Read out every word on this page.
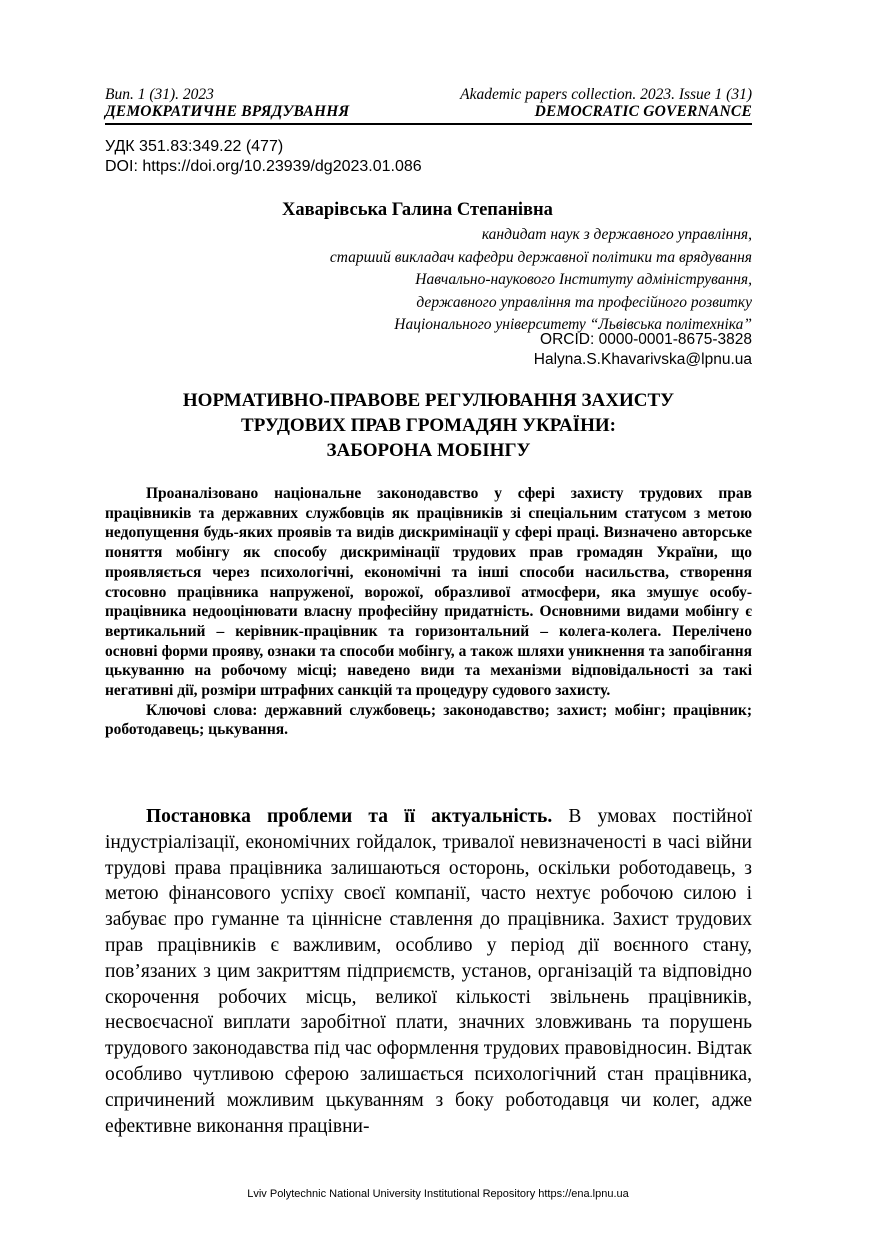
Вип. 1 (31). 2023
ДЕМОКРАТИЧНЕ ВРЯДУВАННЯ
Akademic papers collection. 2023. Issue 1 (31)
DEMOCRATIC GOVERNANCE
УДК 351.83:349.22 (477)
DOI: https://doi.org/10.23939/dg2023.01.086
Хаварівська Галина Степанівна
кандидат наук з державного управління,
старший викладач кафедри державної політики та врядування
Навчально-наукового Інституту адміністрування,
державного управління та професійного розвитку
Національного університету “Львівська політехніка”
ORCID: 0000-0001-8675-3828
Halyna.S.Khavarivska@lpnu.ua
НОРМАТИВНО-ПРАВОВЕ РЕГУЛЮВАННЯ ЗАХИСТУ
ТРУДОВИХ ПРАВ ГРОМАДЯН УКРАЇНИ:
ЗАБОРОНА МОБІНГУ

Проаналізовано національне законодавство у сфері захисту трудових прав працівників та державних службовців як працівників зі спеціальним статусом з метою недопущення будь-яких проявів та видів дискримінації у сфері праці. Визначено авторське поняття мобінгу як способу дискримінації трудових прав громадян України, що проявляється через психологічні, економічні та інші способи насильства, створення стосовно працівника напруженої, ворожої, образливої атмосфери, яка змушує особу-працівника недооцінювати власну професійну придатність. Основними видами мобінгу є вертикальний – керівник-працівник та горизонтальний – колега-колега. Перелічено основні форми прояву, ознаки та способи мобінгу, а також шляхи уникнення та запобігання цькуванню на робочому місці; наведено види та механізми відповідальності за такі негативні дії, розміри штрафних санкцій та процедуру судового захисту.

Ключові слова: державний службовець; законодавство; захист; мобінг; працівник; роботодавець; цькування.

Постановка проблеми та її актуальність. В умовах постійної індустріалізації, економічних гойдалок, тривалої невизначеності в часі війни трудові права працівника залишаються осторонь, оскільки роботодавець, з метою фінансового успіху своєї компанії, часто нехтує робочою силою і забуває про гуманне та ціннісне ставлення до працівника. Захист трудових прав працівників є важливим, особливо у період дії воєнного стану, пов’язаних з цим закриттям підприємств, установ, організацій та відповідно скорочення робочих місць, великої кількості звільнень працівників, несвоєчасної виплати заробітної плати, значних зловживань та порушень трудового законодавства під час оформлення трудових правовідносин. Відтак особливо чутливою сферою залишається психологічний стан працівника, спричинений можливим цькуванням з боку роботодавця чи колег, адже ефективне виконання працівни-

Lviv Polytechnic National University Institutional Repository https://ena.lpnu.ua
